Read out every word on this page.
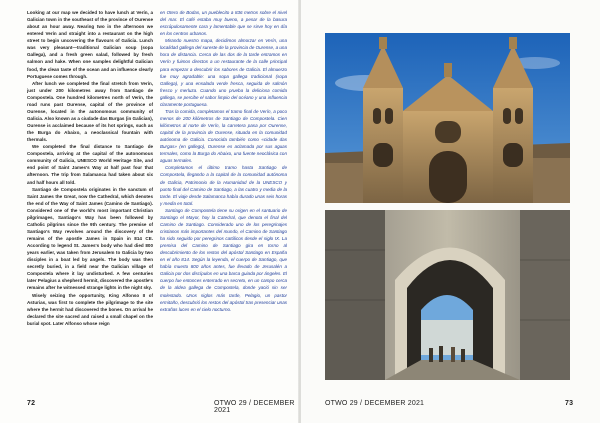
Looking at our map we decided to have lunch at Verín, a Galician town in the southeast of the province of Ourense about an hour away. Nearing two in the afternoon we entered Verín and straight into a restaurant on the high street to begin uncovering the flavours of Galicia. Lunch was very pleasant—traditional Galician soup (sopa Gallega), and a fresh green salad, followed by fresh salmon and hake. When one samples delightful Galician food, the clean taste of the ocean and an influence clearly Portuguese comes through.

After lunch we completed the final stretch from Verín, just under 200 kilometres away from Santiago de Compostela. One hundred kilometres north of Verín, the road runs past Ourense, capital of the province of Ourense, located in the autonomous community of Galicia. Also known as a ciudade das Burgas (in Galician), Ourense is acclaimed because of its hot springs, such as the Burga do Abaixo, a neoclassical fountain with thermals.

We completed the final distance to Santiago de Compostela, arriving at the capital of the autonomous community of Galicia, UNESCO World Heritage Site, and end point of Saint James's Way at half past four that afternoon. The trip from Salamanca had taken about six and half hours all told.

Santiago de Compostela originates in the sanctum of Saint James the Great, now the Cathedral, which denotes the end of the Way of Saint James (Camino de Santiago). Considered one of the world's most important Christian pilgrimages, Santiago's Way has been followed by Catholic pilgrims since the 9th century. The premise of Santiago's Way revolves around the discovery of the remains of the apostle James in Spain in 814 CE. According to legend St. James's body who had died 800 years earlier, was taken from Jerusalem to Galicia by two disciples in a boat led by angels. The body was then secretly buried, in a field near the Galician village of Compostela where it lay undisturbed. A few centuries later Pelagius a shepherd hermit, discovered the apostle's remains after he witnessed strange lights in the night sky.

Wisely seizing the opportunity, King Alfonso II of Asturias, was first to complete the pilgrimage to the site where the hermit had discovered the bones. On arrival he declared the site sacred and raised a small chapel on the burial spot. Later Alfonso whose reign

en Otero de Bodas, un pueblecito a 836 metros sobre el nivel del mar. El café estaba muy bueno, a pesar de la basura escrúpulosamente cara y lamentable que se sirve hoy en día en los centros urbanos.

Mirando nuestro mapa, decidimos almorzar en Verín, una localidad gallega del sureste de la provincia de Ourense, a una hora de distancia. Cerca de las dos de la tarde entramos en Verín y fuimos directos a un restaurante de la calle principal para empezar a descubrir los sabores de Galicia. El almuerzo fue muy agradable: una sopa gallega tradicional (sopa Gallega), y una ensalada verde fresca, seguida de salmón fresco y merluza. Cuando uno prueba la deliciosa comida gallega, se percibe el sabor limpio del océano y una influencia claramente portuguesa.

Tras la comida, completamos el tramo final de Verín, a poco menos de 200 kilómetros de Santiago de Compostela. Cien kilómetros al norte de Verín, la carretera pasa por Ourense, capital de la provincia de Ourense, situada en la comunidad autónoma de Galicia. Conocida también como «cidade das Burgas» (en gallego), Ourense es aclamada por sus aguas termales, como la Burga do Abaixo, una fuente neoclásica con aguas termales.

Completamos el último tramo hasta Santiago de Compostela, llegando a la capital de la comunidad autónoma de Galicia, Patrimonio de la Humanidad de la UNESCO y punto final del Camino de Santiago, a las cuatro y media de la tarde. El viaje desde Salamanca había durado unas seis horas y media en total.

Santiago de Compostela tiene su origen en el santuario de Santiago el Mayor, hoy la Catedral, que denota el final del Camino de Santiago. Considerado uno de los peregrinajes cristianos más importantes del mundo, el Camino de Santiago ha sido seguido por peregrinos católicos desde el siglo IX. La premisa del Camino de Santiago gira en torno al descubrimiento de los restos del apóstol Santiago en España en el año 814. Según la leyenda, el cuerpo de Santiago, que había muerto 800 años antes, fue llevado de Jerusalén a Galicia por dos discípulos en una barca guiada por ángeles. El cuerpo fue entonces enterrado en secreto, en un campo cerca de la aldea gallega de Compostela, donde yació sin ser molestado. Unos siglos más tarde, Pelagio, un pastor ermitaño, descubrió los restos del apóstol tras presenciar unas extrañas luces en el cielo nocturno.

72	OTWO 29 / DECEMBER 2021
OTWO 29 / DECEMBER 2021	73
